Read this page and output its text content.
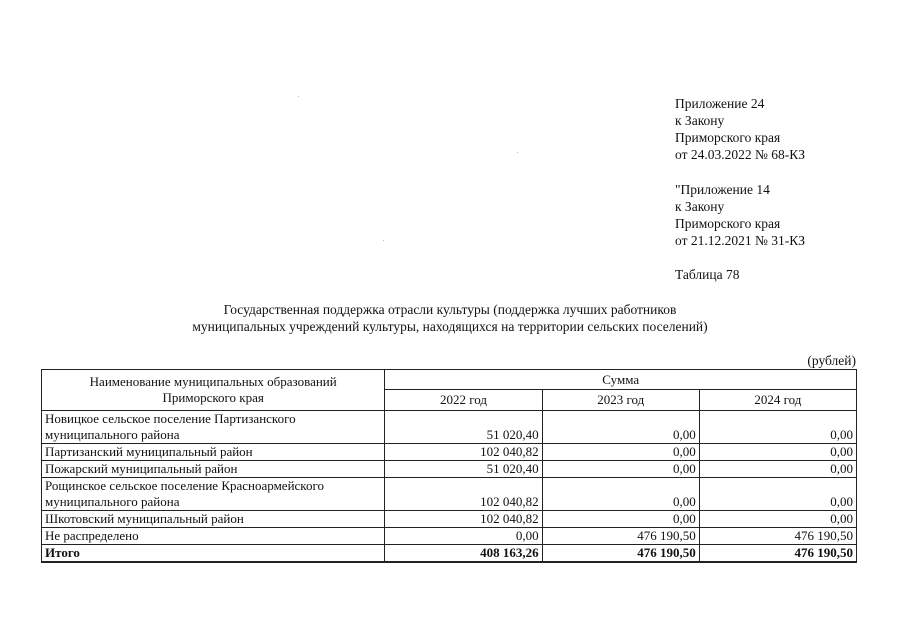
Приложение 24
к Закону
Приморского края
от 24.03.2022 № 68-КЗ
"Приложение 14
к Закону
Приморского края
от 21.12.2021 № 31-КЗ
Таблица 78
Государственная поддержка отрасли культуры (поддержка лучших работников
муниципальных учреждений культуры, находящихся на территории сельских поселений)
(рублей)
Наименование муниципальных образований
Приморского края	Сумма		
	2022 год	2023 год	2024 год

Новицкое сельское поселение Партизанского
муниципального района	51 020,40	0,00	0,00
Партизанский муниципальный район	102 040,82	0,00	0,00
Пожарский муниципальный район	51 020,40	0,00	0,00

Рощинское сельское поселение Красноармейского
муниципального района	102 040,82	0,00	0,00
Шкотовский муниципальный район	102 040,82	0,00	0,00
Не распределено	0,00	476 190,50	476 190,50
Итого	408 163,26	476 190,50	476 190,50
